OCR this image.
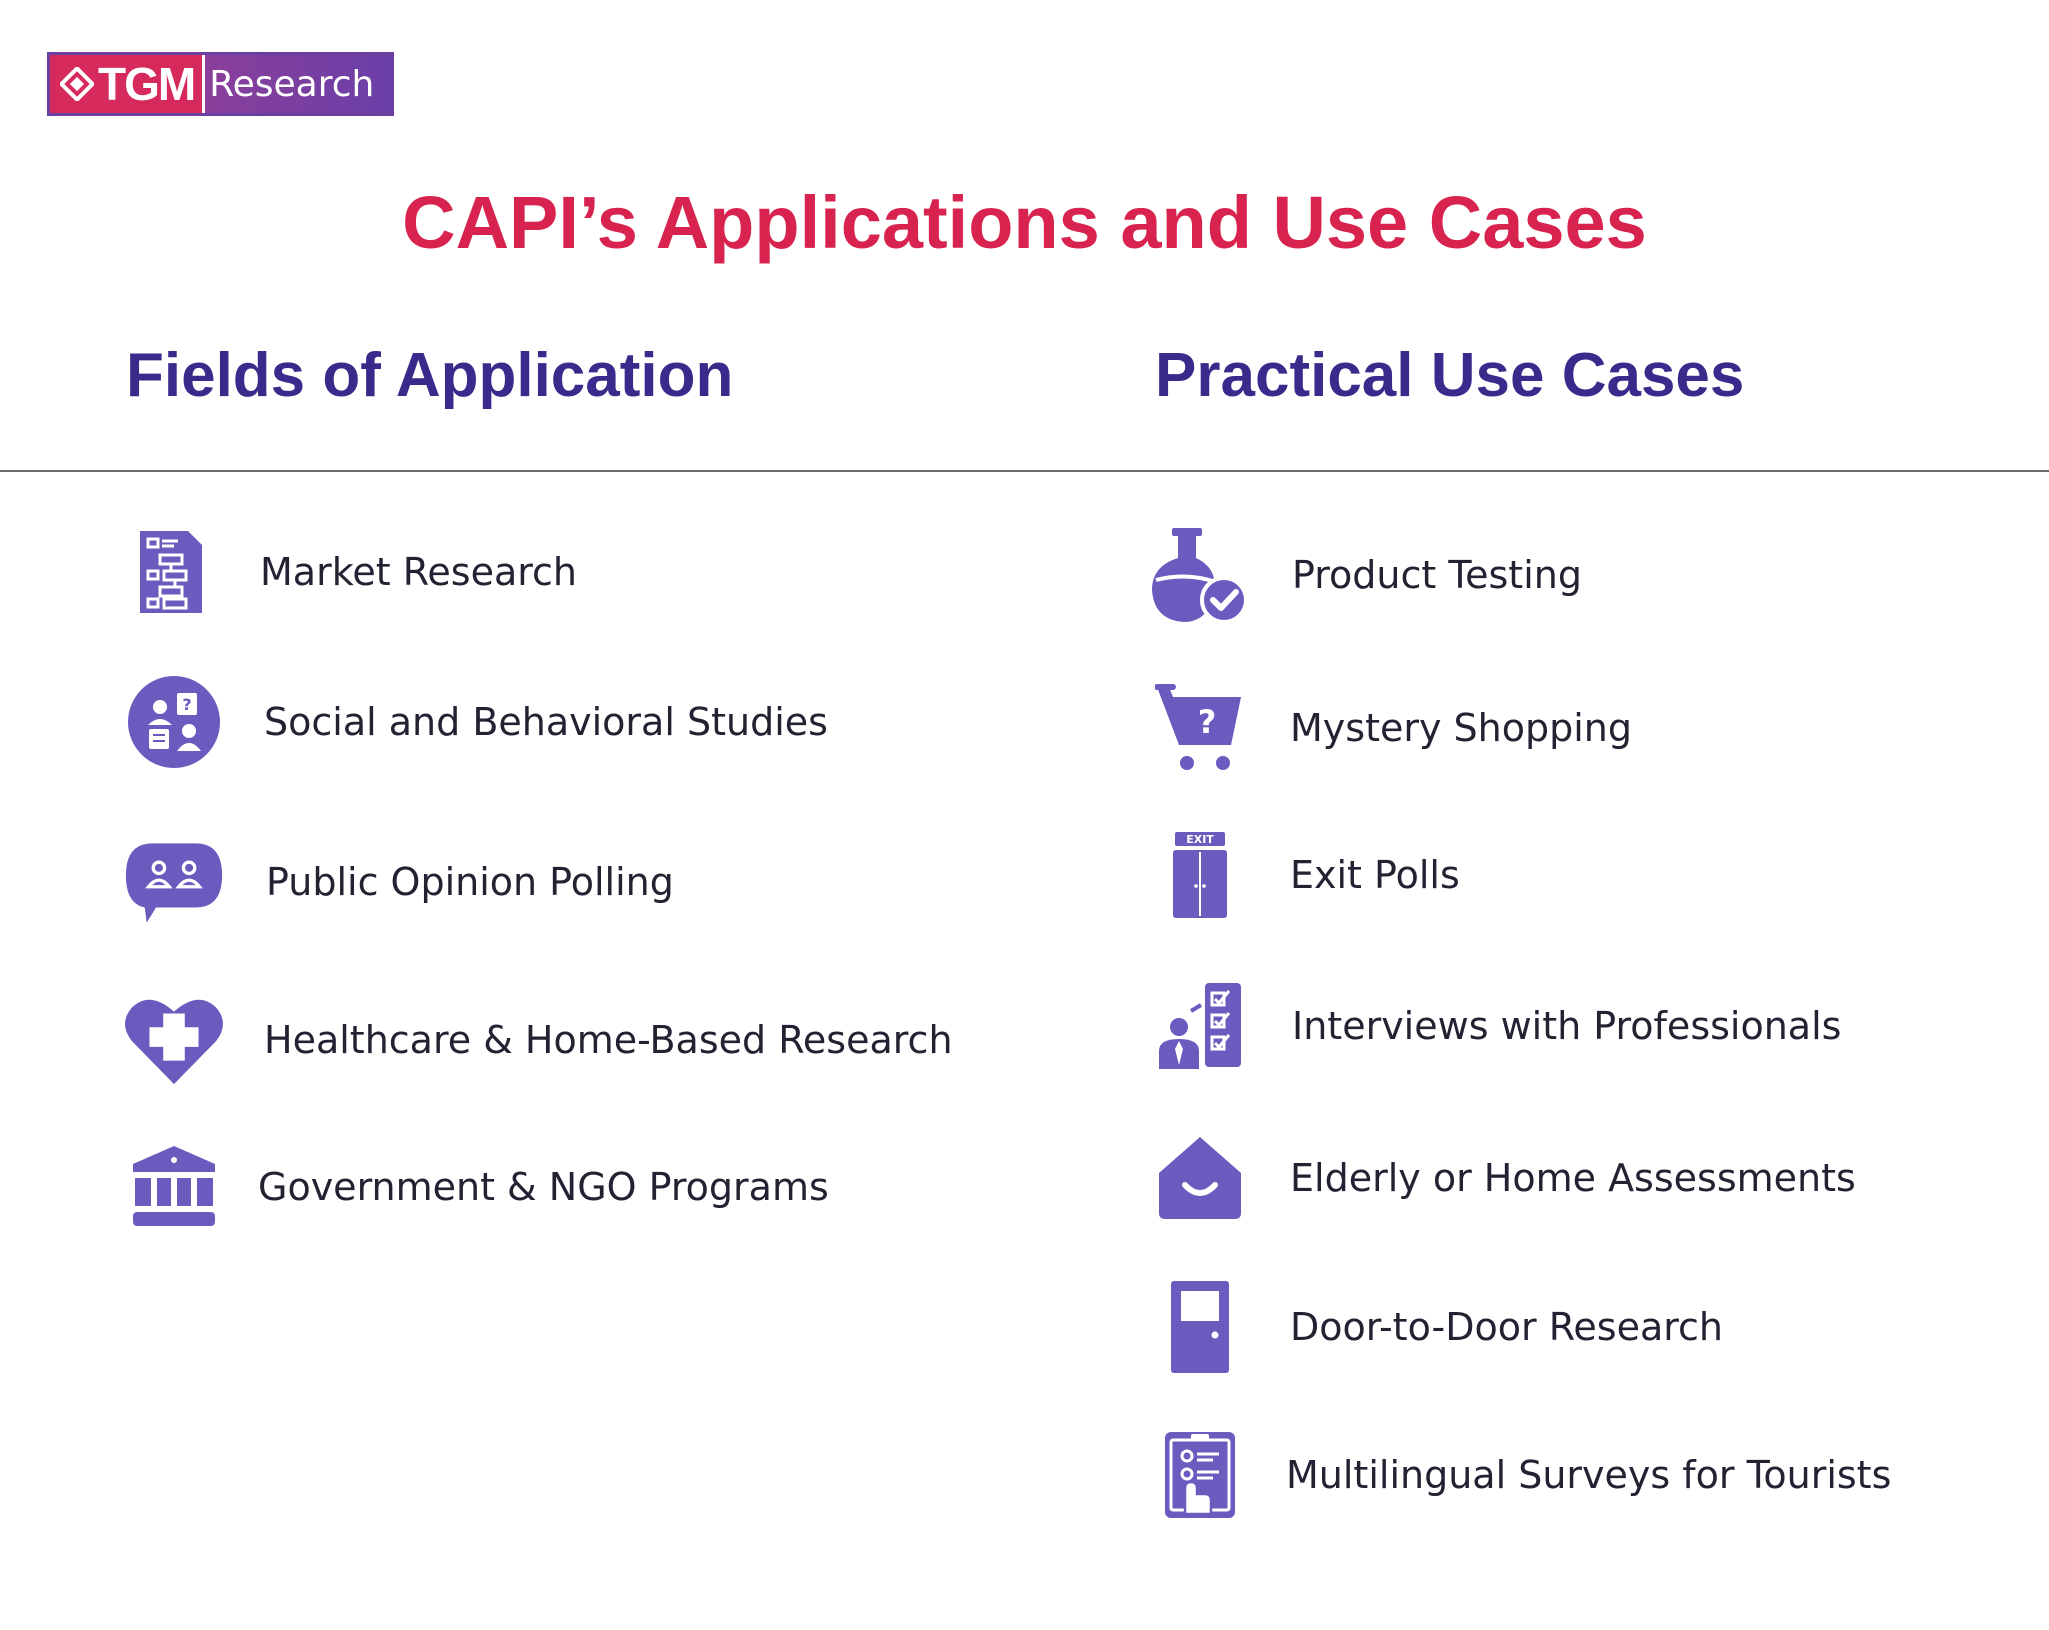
TGM Research
CAPI’s Applications and Use Cases
Fields of Application	Practical Use Cases
Market Research
? Social and Behavioral Studies
Public Opinion Polling
Healthcare & Home-Based Research
Government & NGO Programs
Product Testing
? Mystery Shopping
EXIT
Exit Polls
Interviews with Professionals
Elderly or Home Assessments
Door-to-Door Research
Multilingual Surveys for Tourists
